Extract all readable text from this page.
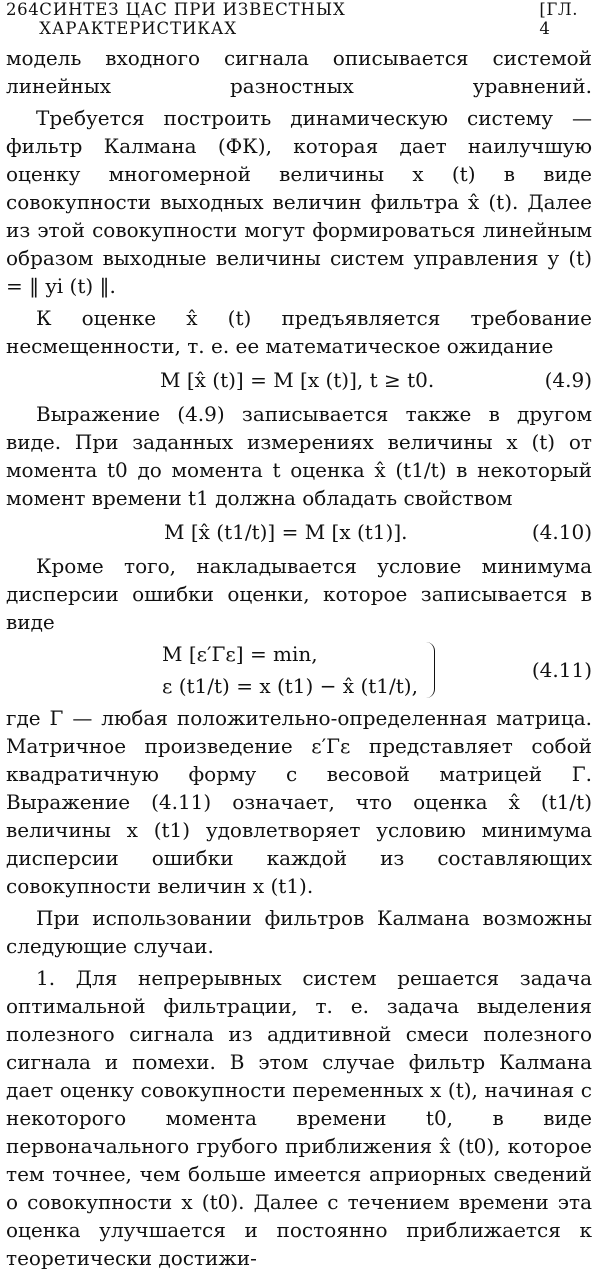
264 СИНТЕЗ ЦАС ПРИ ИЗВЕСТНЫХ ХАРАКТЕРИСТИКАХ
[ГЛ. 4

модель входного сигнала описывается системой линейных разностных уравнений.

Требуется построить динамическую систему — фильтр Калмана (ФК), которая дает наилучшую оценку многомерной величины x (t) в виде совокупности выходных величин фильтра x̂ (t). Далее из этой совокупности могут формироваться линейным образом выходные величины систем управления y (t) = ‖ yi (t) ‖.

К оценке x̂ (t) предъявляется требование несмещенности, т. е. ее математическое ожидание

M [x̂ (t)] = M [x (t)], t ≥ t0.	(4.9)

Выражение (4.9) записывается также в другом виде. При заданных измерениях величины x (t) от момента t0 до момента t оценка x̂ (t1/t) в некоторый момент времени t1 должна обладать свойством

M [x̂ (t1/t)] = M [x (t1)].	(4.10)

Кроме того, накладывается условие минимума дисперсии ошибки оценки, которое записывается в виде

M [ε′Γε] = min,
ε (t1/t) = x (t1) − x̂ (t1/t),
(4.11)

где Γ — любая положительно-определенная матрица. Матричное произведение ε′Γε представляет собой квадратичную форму с весовой матрицей Γ. Выражение (4.11) означает, что оценка x̂ (t1/t) величины x (t1) удовлетворяет условию минимума дисперсии ошибки каждой из составляющих совокупности величин x (t1).

При использовании фильтров Калмана возможны следующие случаи.

1. Для непрерывных систем решается задача оптимальной фильтрации, т. е. задача выделения полезного сигнала из аддитивной смеси полезного сигнала и помехи. В этом случае фильтр Калмана дает оценку совокупности переменных x (t), начиная с некоторого момента времени t0, в виде первоначального грубого приближения x̂ (t0), которое тем точнее, чем больше имеется априорных сведений о совокупности x (t0). Далее с течением времени эта оценка улучшается и постоянно приближается к теоретически достижи-
